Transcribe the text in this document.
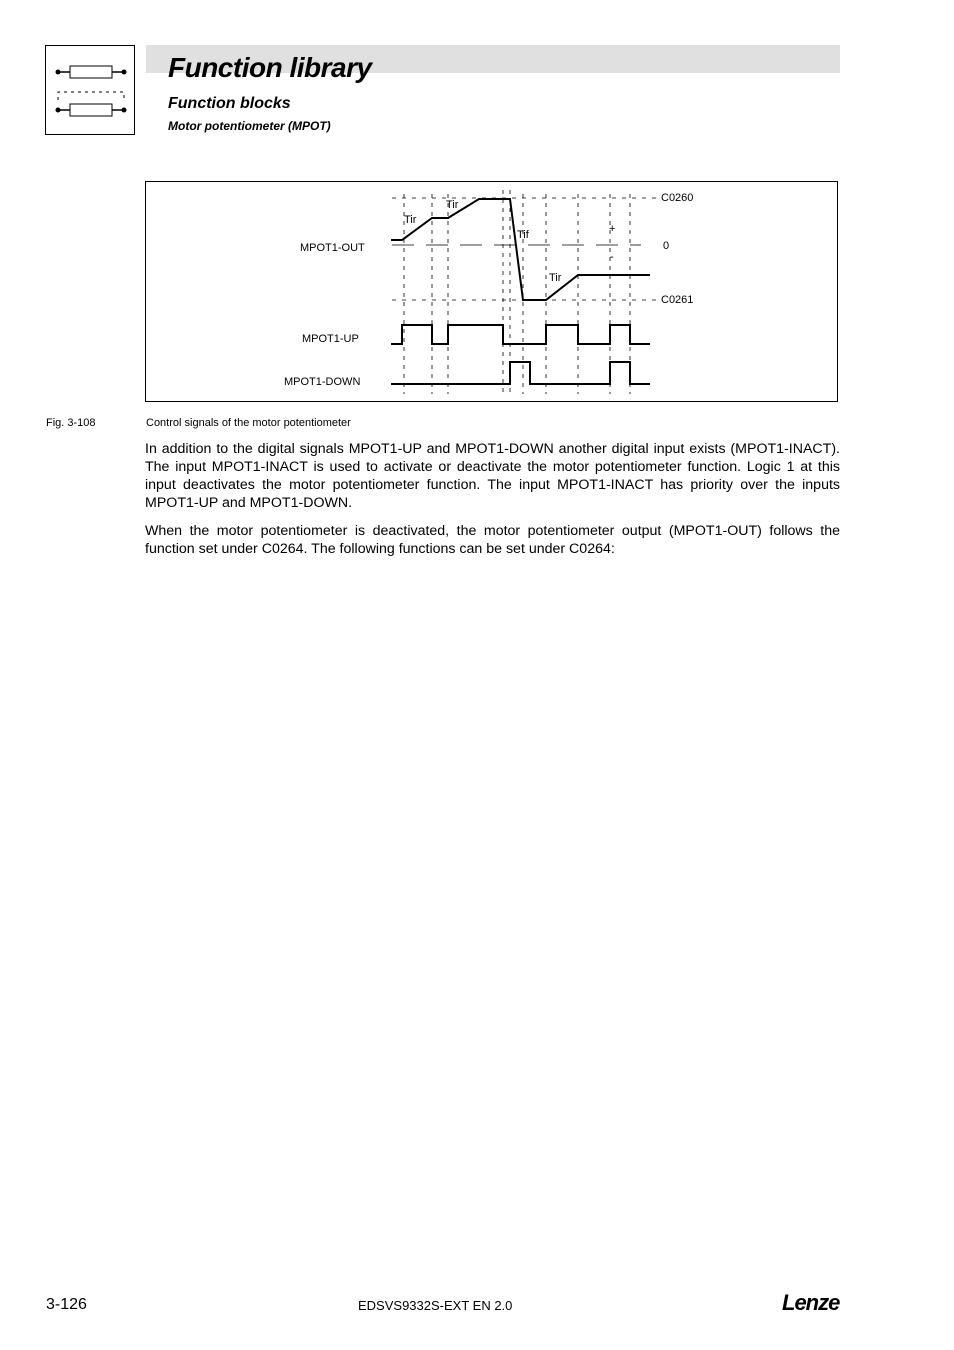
Function library
Function blocks
Motor potentiometer (MPOT)
MPOT1-OUT
MPOT1-UP
MPOT1-DOWN
C0260
0
C0261
Tir
Tir
Tif
Tir
+
-
Fig. 3-108	Control signals of the motor potentiometer
In addition to the digital signals MPOT1-UP and MPOT1-DOWN another digital input exists (MPOT1-INACT). The input MPOT1-INACT is used to activate or deactivate the motor potentiometer function. Logic 1 at this input deactivates the motor potentiometer function. The input MPOT1-INACT has priority over the inputs MPOT1-UP and MPOT1-DOWN.
When the motor potentiometer is deactivated, the motor potentiometer output (MPOT1-OUT) follows the function set under C0264. The following functions can be set under C0264:
3-126	EDSVS9332S-EXT EN 2.0	Lenze
